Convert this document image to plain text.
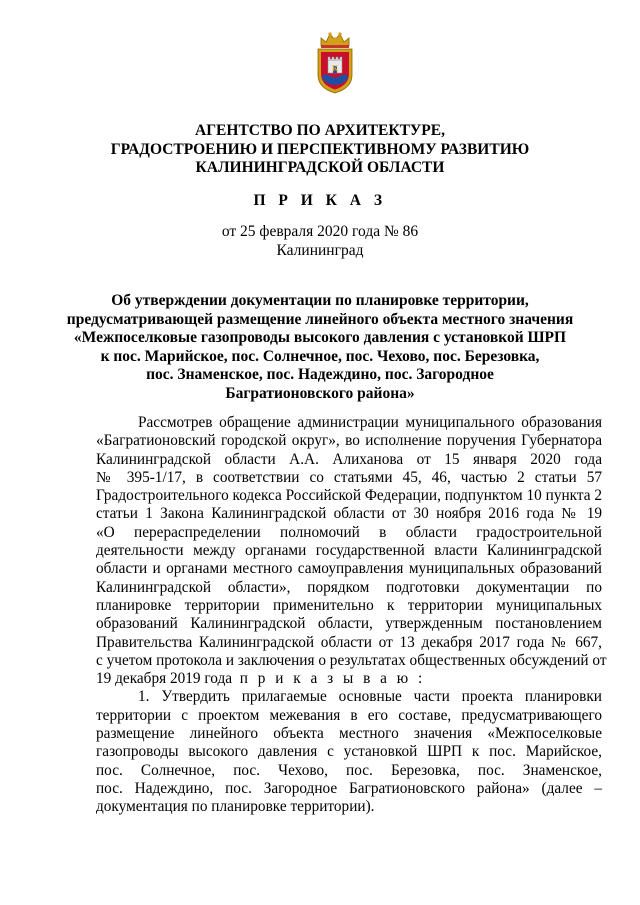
К
АГЕНТСТВО ПО АРХИТЕКТУРЕ,
ГРАДОСТРОЕНИЮ И ПЕРСПЕКТИВНОМУ РАЗВИТИЮ
КАЛИНИНГРАДСКОЙ ОБЛАСТИ
П Р И К А З
от 25 февраля 2020 года № 86
Калининград
Об утверждении документации по планировке территории,
предусматривающей размещение линейного объекта местного значения
«Межпоселковые газопроводы высокого давления с установкой ШРП
к пос. Марийское, пос. Солнечное, пос. Чехово, пос. Березовка,
пос. Знаменское, пос. Надеждино, пос. Загородное
Багратионовского района»
Рассмотрев обращение администрации муниципального образования
«Багратионовский городской округ», во исполнение поручения Губернатора
Калининградской области А.А. Алиханова от 15 января 2020 года
№ 395-1/17, в соответствии со статьями 45, 46, частью 2 статьи 57
Градостроительного кодекса Российской Федерации, подпунктом 10 пункта 2
статьи 1 Закона Калининградской области от 30 ноября 2016 года № 19
«О перераспределении полномочий в области градостроительной
деятельности между органами государственной власти Калининградской
области и органами местного самоуправления муниципальных образований
Калининградской области», порядком подготовки документации по
планировке территории применительно к территории муниципальных
образований Калининградской области, утвержденным постановлением
Правительства Калининградской области от 13 декабря 2017 года № 667,
с учетом протокола и заключения о результатах общественных обсуждений от
19 декабря 2019 года п р и к а з ы в а ю :
1. Утвердить прилагаемые основные части проекта планировки
территории с проектом межевания в его составе, предусматривающего
размещение линейного объекта местного значения «Межпоселковые
газопроводы высокого давления с установкой ШРП к пос. Марийское,
пос. Солнечное, пос. Чехово, пос. Березовка, пос. Знаменское,
пос. Надеждино, пос. Загородное Багратионовского района» (далее –
документация по планировке территории).
